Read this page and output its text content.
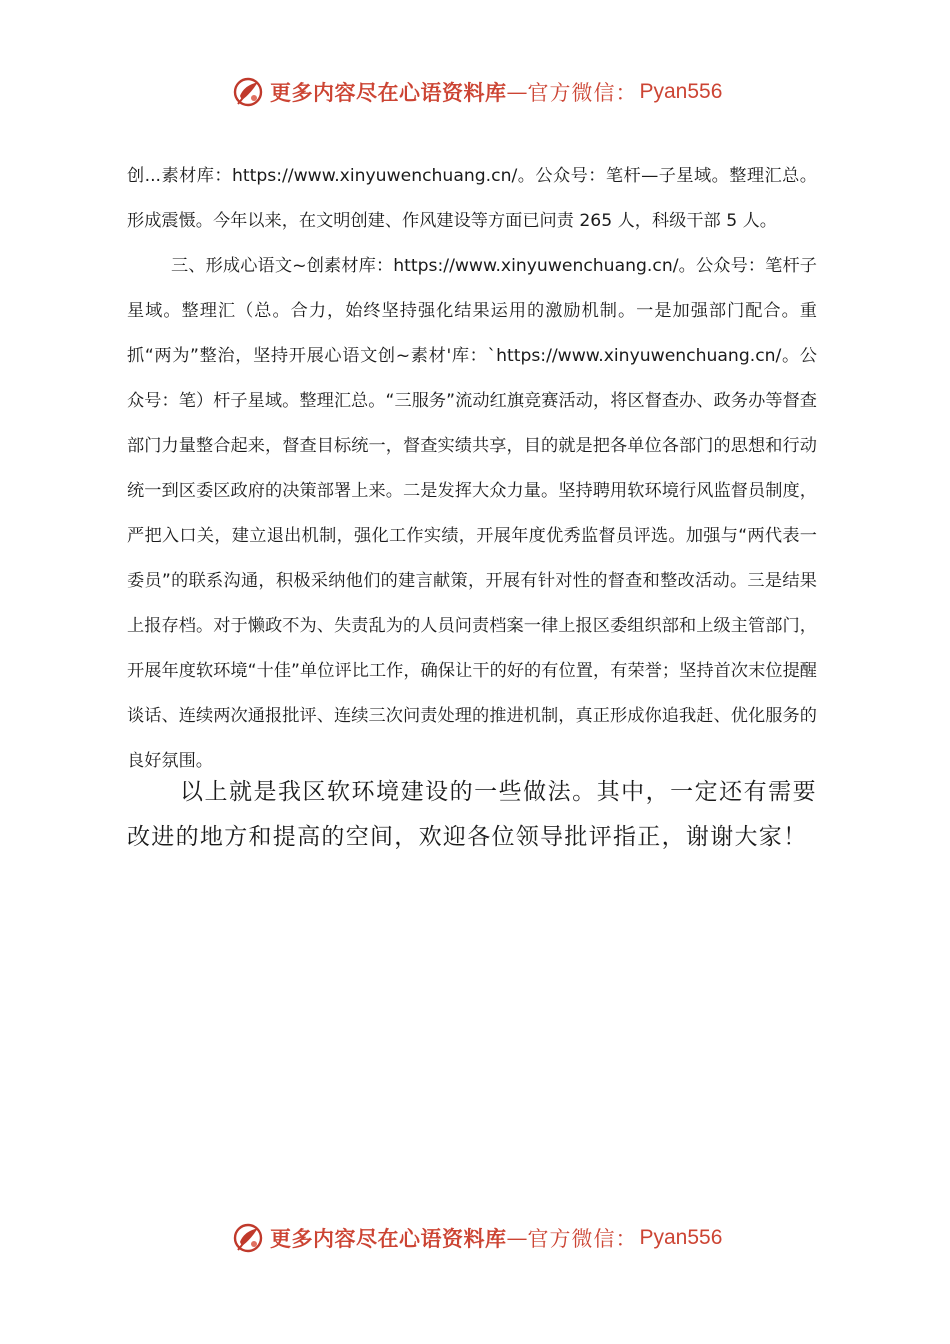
更多内容尽在心语资料库 — 官方微信： Pyan556

创...素材库：https://www.xinyuwenchuang.cn/。公众号：笔杆—子星域。整理汇总。形成震慑。今年以来，在文明创建、作风建设等方面已问责 265 人，科级干部 5 人。

三、形成心语文~创素材库：https://www.xinyuwenchuang.cn/。公众号：笔杆子星域。整理汇（总。合力，始终坚持强化结果运用的激励机制。一是加强部门配合。重抓“两为”整治，坚持开展心语文创~素材'库：`https://www.xinyuwenchuang.cn/。公众号：笔）杆子星域。整理汇总。“三服务”流动红旗竞赛活动，将区督查办、政务办等督查部门力量整合起来，督查目标统一，督查实绩共享，目的就是把各单位各部门的思想和行动统一到区委区政府的决策部署上来。二是发挥大众力量。坚持聘用软环境行风监督员制度，严把入口关，建立退出机制，强化工作实绩，开展年度优秀监督员评选。加强与“两代表一委员”的联系沟通，积极采纳他们的建言献策，开展有针对性的督查和整改活动。三是结果上报存档。对于懒政不为、失责乱为的人员问责档案一律上报区委组织部和上级主管部门，开展年度软环境“十佳”单位评比工作，确保让干的好的有位置，有荣誉；坚持首次末位提醒谈话、连续两次通报批评、连续三次问责处理的推进机制，真正形成你追我赶、优化服务的良好氛围。

以上就是我区软环境建设的一些做法。其中，一定还有需要改进的地方和提高的空间，欢迎各位领导批评指正，谢谢大家！

更多内容尽在心语资料库 — 官方微信： Pyan556
